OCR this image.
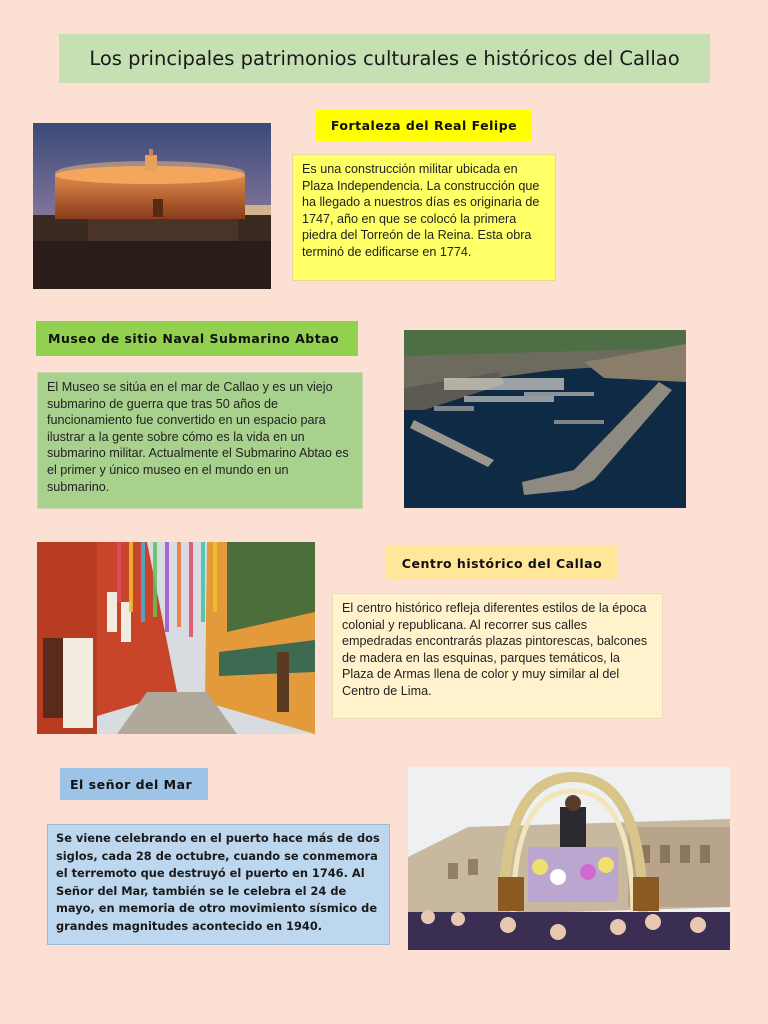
Los principales patrimonios culturales e históricos del Callao
Fortaleza del Real Felipe
Es una construcción militar ubicada en Plaza Independencia. La construcción que ha llegado a nuestros días es originaria de 1747, año en que se colocó la primera piedra del Torreón de la Reina. Esta obra terminó de edificarse en 1774.
Museo de sitio Naval Submarino Abtao
El Museo se sitúa en el mar de Callao y es un viejo submarino de guerra que tras 50 años de funcionamiento fue convertido en un espacio para ilustrar a la gente sobre cómo es la vida en un submarino militar. Actualmente el Submarino Abtao es el primer y único museo en el mundo en un submarino.
Centro histórico del Callao
El centro histórico refleja diferentes estilos de la época colonial y republicana. Al recorrer sus calles empedradas encontrarás plazas pintorescas, balcones de madera en las esquinas, parques temáticos, la Plaza de Armas llena de color y muy similar al del Centro de Lima.
El señor del Mar
Se viene celebrando en el puerto hace más de dos siglos, cada 28 de octubre, cuando se conmemora el terremoto que destruyó el puerto en 1746. Al Señor del Mar, también se le celebra el 24 de mayo, en memoria de otro movimiento sísmico de grandes magnitudes acontecido en 1940.
